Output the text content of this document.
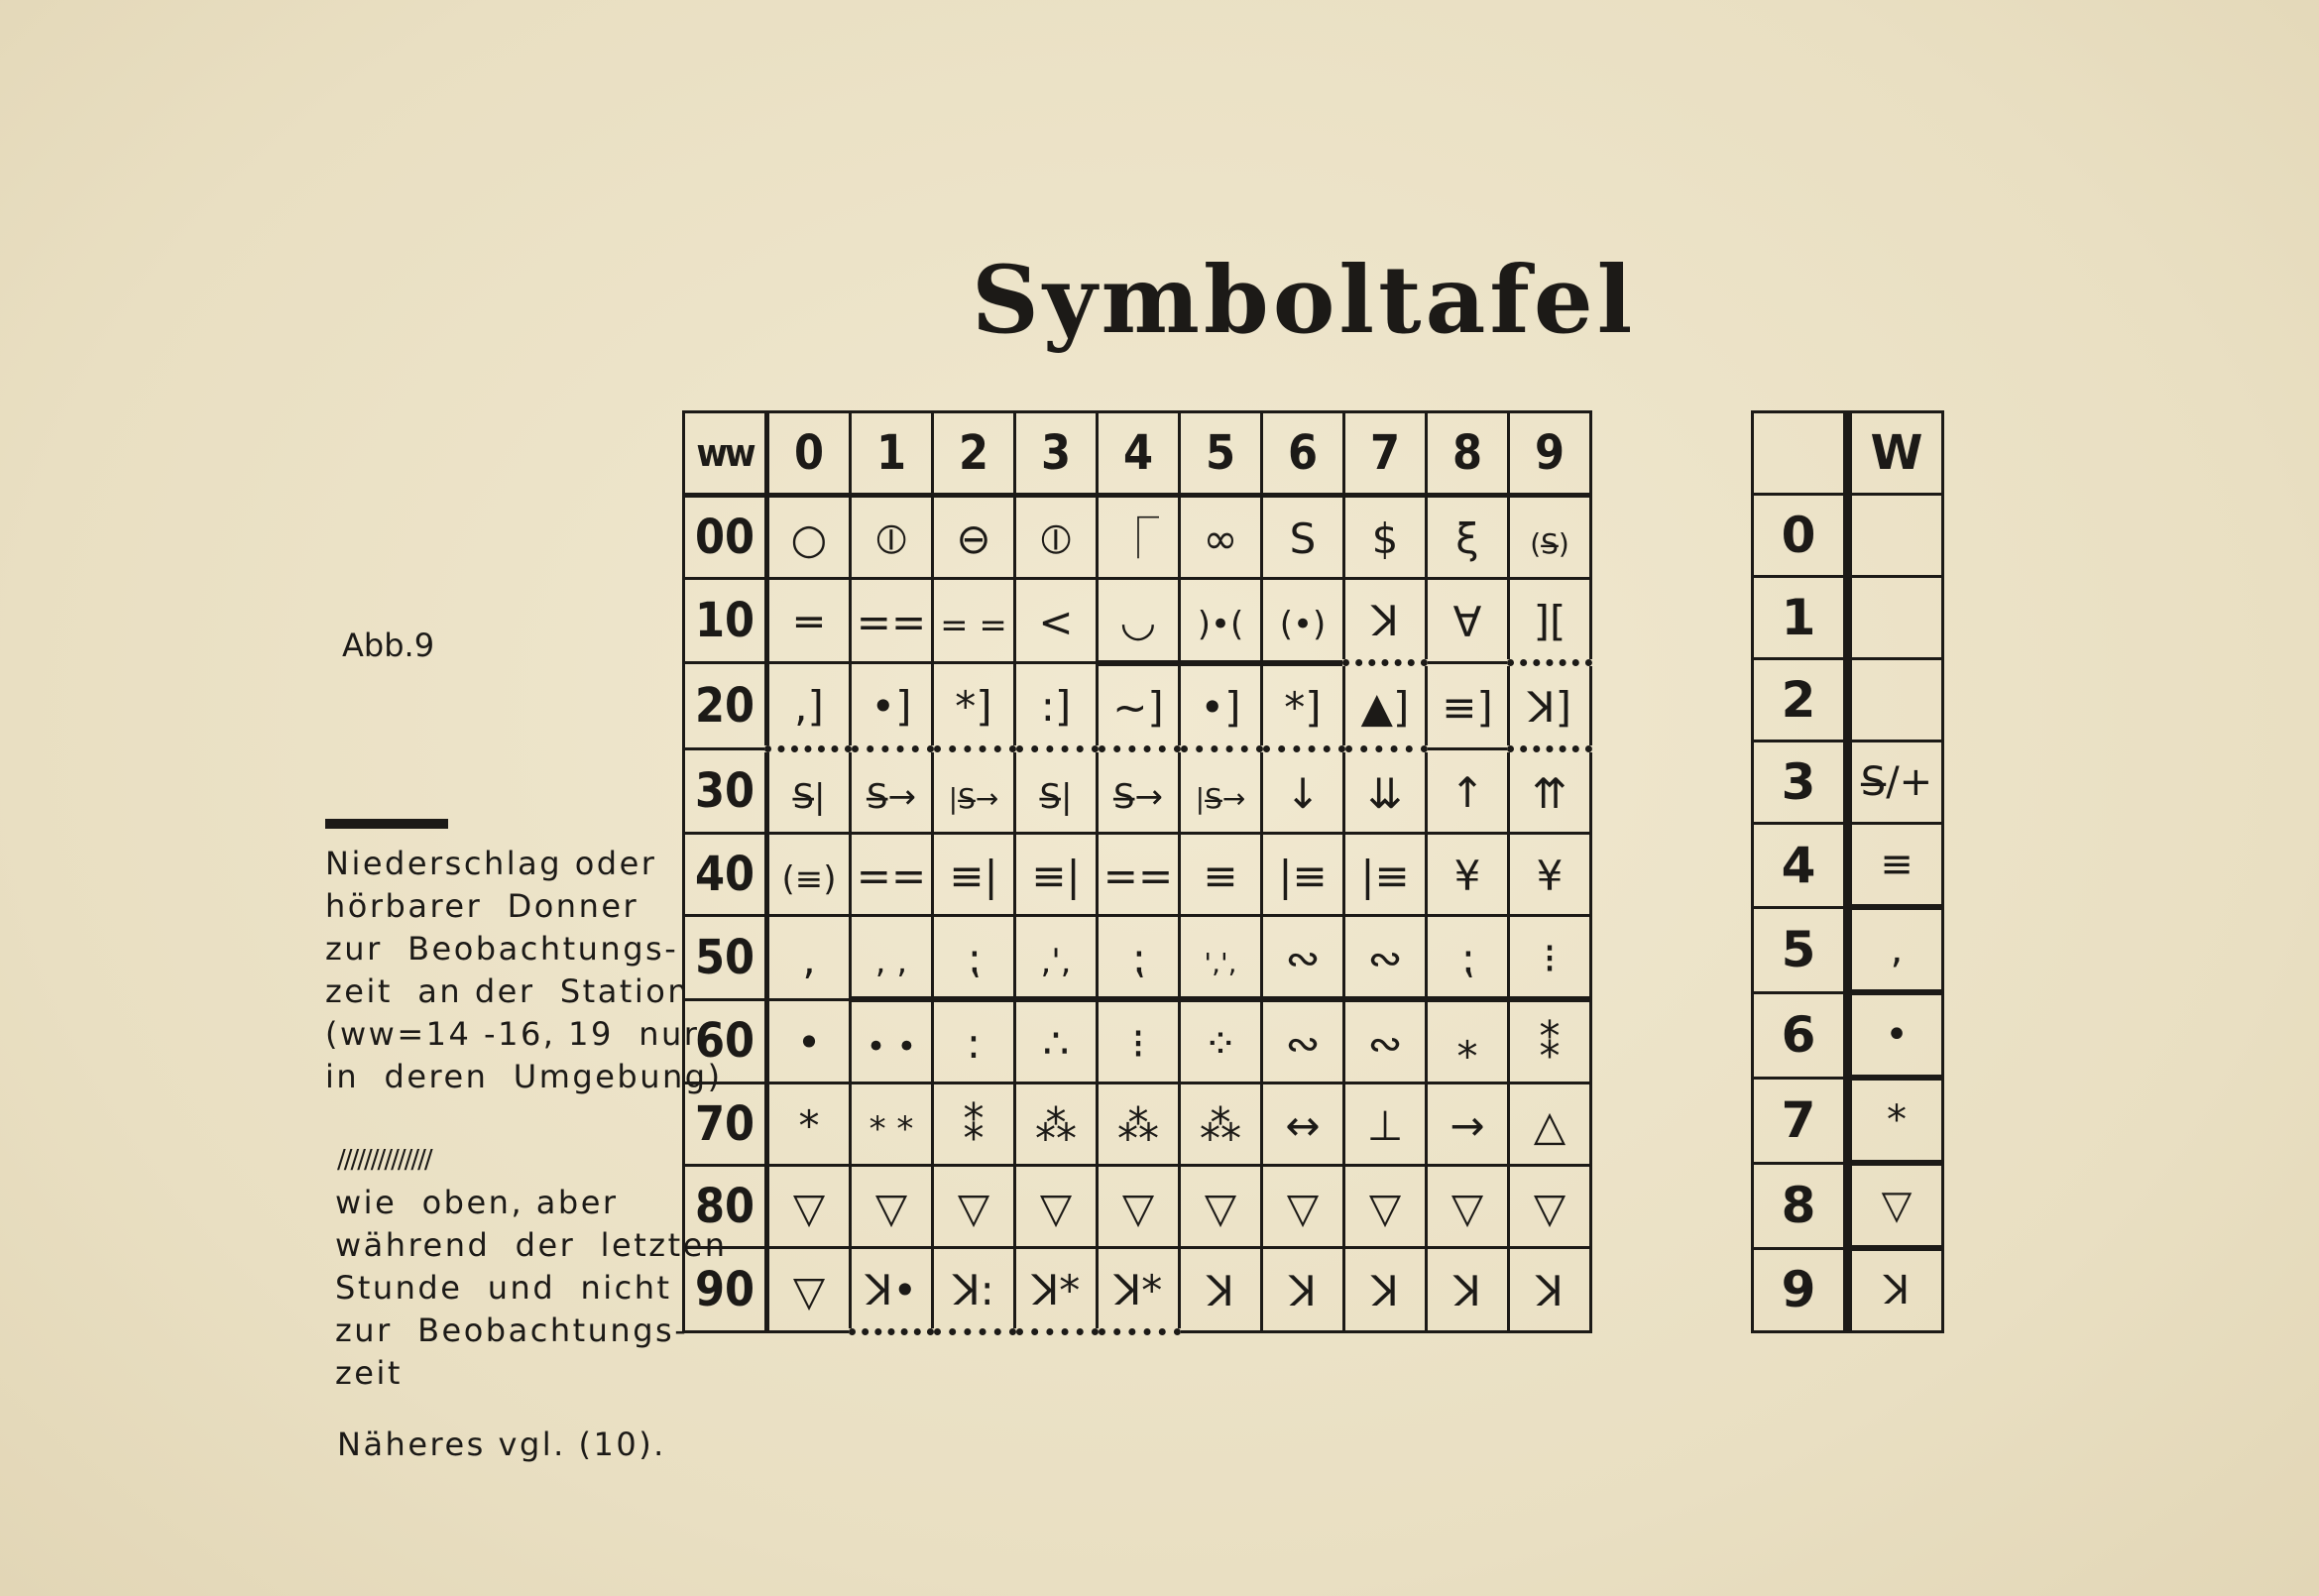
Symboltafel
Abb.9
Niederschlag oder
hörbarer  Donner
zur  Beobachtungs-
zeit  an der  Station
(ww=14 -16, 19  nur
in  deren  Umgebung)
//////////////
wie  oben, aber
während  der  letzten
Stunde  und  nicht
zur  Beobachtungs-
zeit
Näheres vgl. (10).
ww	0	1	2	3	4	5	6	7	8	9
00	○	⦶	⊖	⦶	⎾	∞	S	$	ξ	(S̶)
10	═	==	= =	<	◡	)•(	(•)	ꓘ	∀	][
20	,]	•]	*]	:]	~]	•]	*]	▲]	≡]	ꓘ]
30	S̶|	S̶→	|S̶→	S̶|	S̶→	|S̶→	↓	⇊	↑	⇈
40	(≡)	==	≡|	≡|	==	≡	|≡	|≡	¥	¥
50	,	, ,	⁏	,',	⁏	',',	∾	∾	⁏	⁝
60	•	• •	:	∴	⁝	⁘	∾	∾	⁎	⁑
70	*	* *	⁑	⁂	⁂	⁂	↔	⊥	→	△
80	▽	▽	▽	▽	▽	▽	▽	▽	▽	▽
90	▽	ꓘ•	ꓘ:	ꓘ*	ꓘ*	ꓘ	ꓘ	ꓘ	ꓘ	ꓘ
	W
0	
1	
2	
3	S̶/+
4	≡
5	,
6	•
7	*
8	▽
9	ꓘ
